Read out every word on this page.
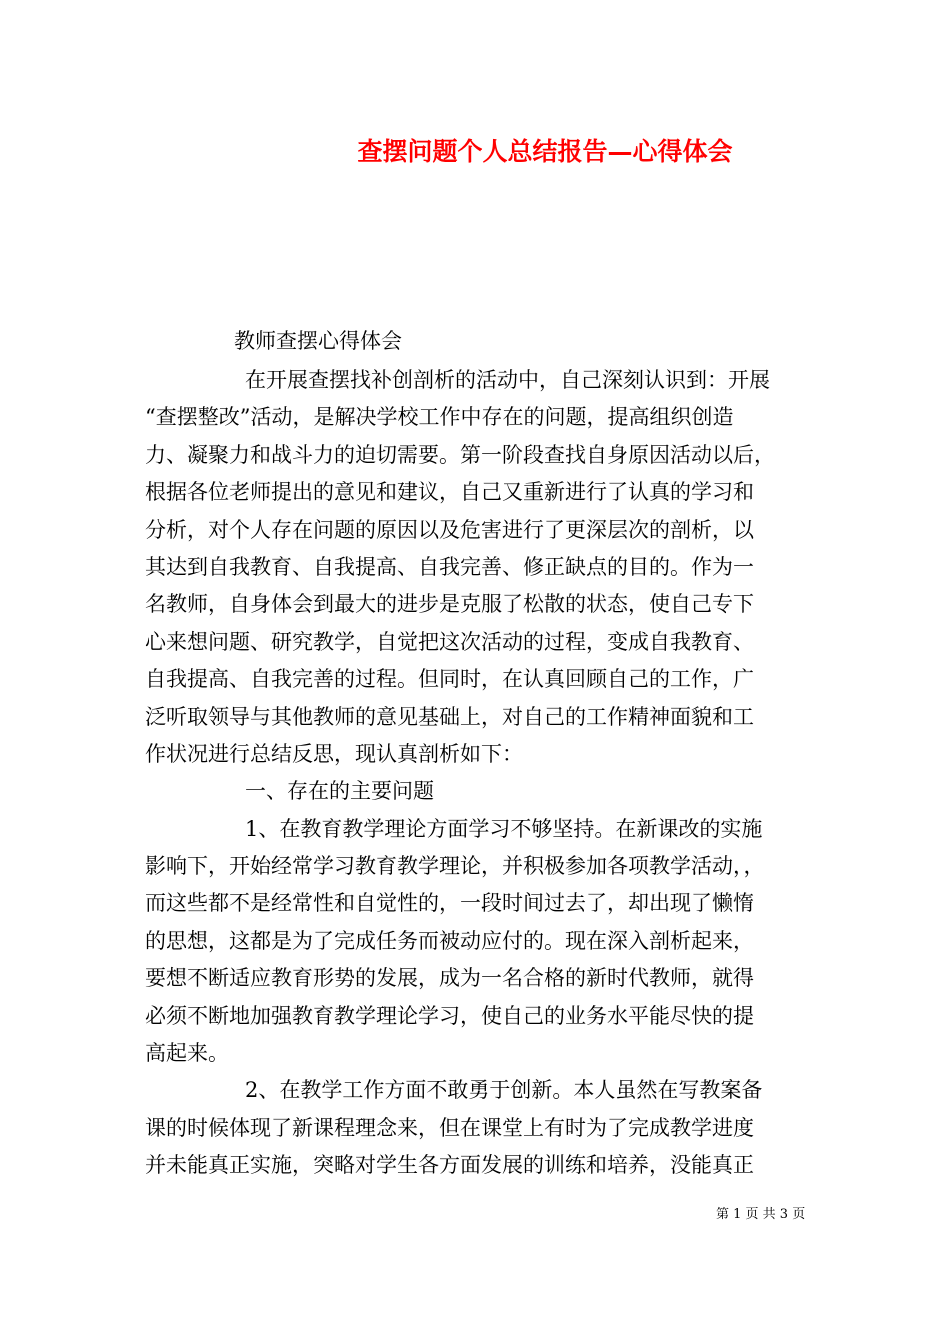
查摆问题个人总结报告—心得体会
教师查摆心得体会
在开展查摆找补创剖析的活动中，自己深刻认识到：开展
“查摆整改”活动，是解决学校工作中存在的问题，提高组织创造
力、凝聚力和战斗力的迫切需要。第一阶段查找自身原因活动以后，
根据各位老师提出的意见和建议，自己又重新进行了认真的学习和
分析，对个人存在问题的原因以及危害进行了更深层次的剖析，以
其达到自我教育、自我提高、自我完善、修正缺点的目的。作为一
名教师，自身体会到最大的进步是克服了松散的状态，使自己专下
心来想问题、研究教学，自觉把这次活动的过程，变成自我教育、
自我提高、自我完善的过程。但同时，在认真回顾自己的工作，广
泛听取领导与其他教师的意见基础上，对自己的工作精神面貌和工
作状况进行总结反思，现认真剖析如下：
一、存在的主要问题
1、在教育教学理论方面学习不够坚持。在新课改的实施
影响下，开始经常学习教育教学理论，并积极参加各项教学活动，，
而这些都不是经常性和自觉性的，一段时间过去了，却出现了懒惰
的思想，这都是为了完成任务而被动应付的。现在深入剖析起来，
要想不断适应教育形势的发展，成为一名合格的新时代教师，就得
必须不断地加强教育教学理论学习，使自己的业务水平能尽快的提
高起来。
2、在教学工作方面不敢勇于创新。本人虽然在写教案备
课的时候体现了新课程理念来，但在课堂上有时为了完成教学进度
并未能真正实施，突略对学生各方面发展的训练和培养，没能真正
第 1 页 共 3 页
